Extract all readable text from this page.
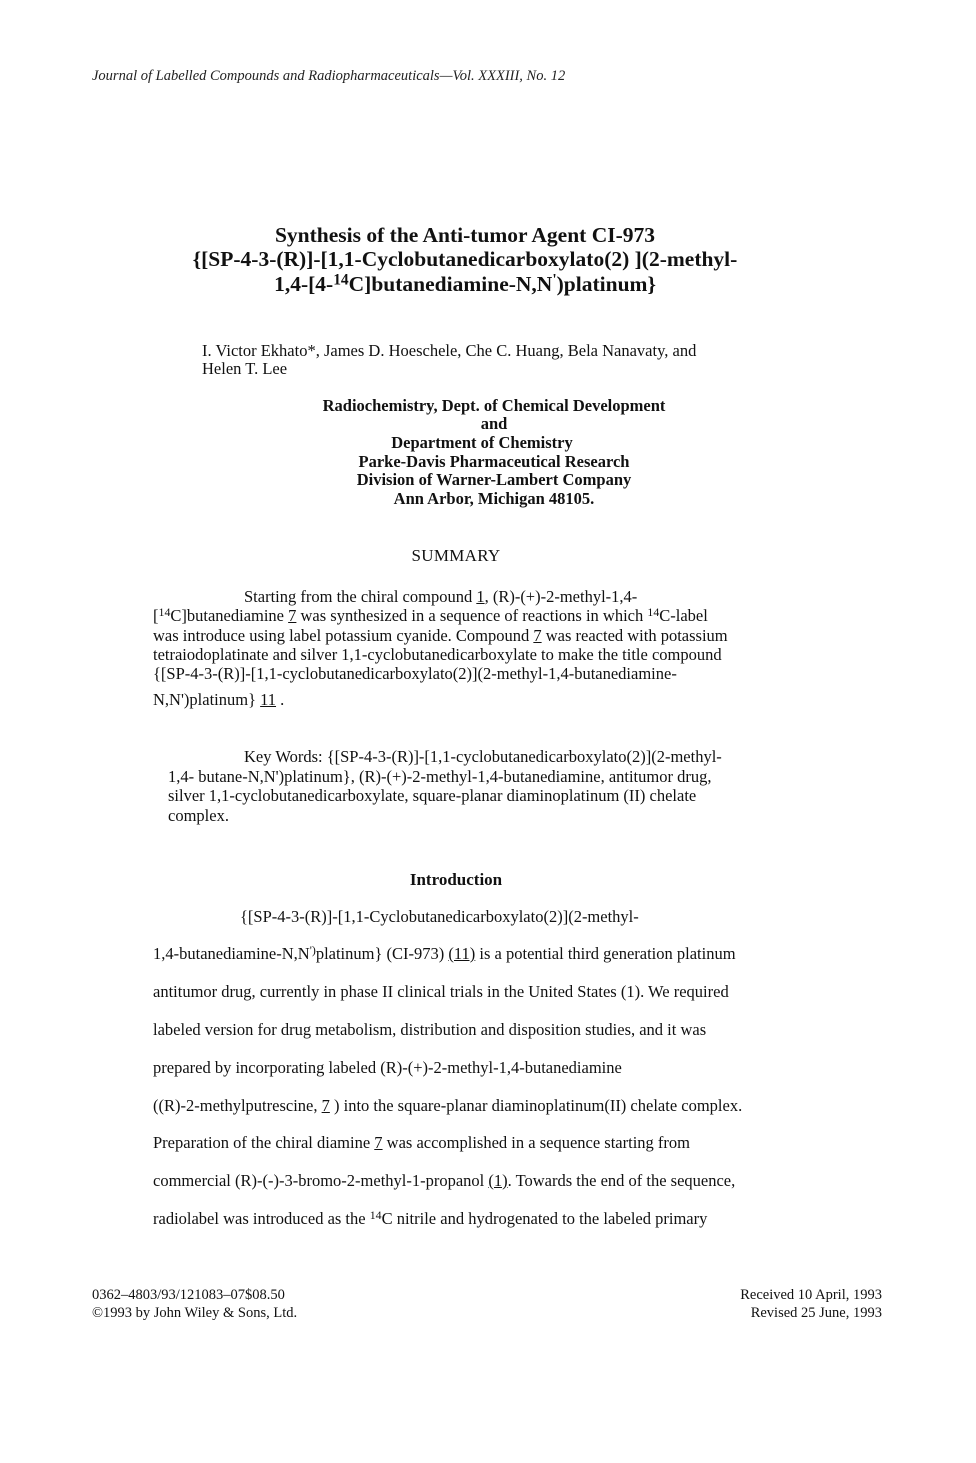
Journal of Labelled Compounds and Radiopharmaceuticals—Vol. XXXIII, No. 12
Synthesis of the Anti-tumor Agent CI-973
{[SP-4-3-(R)]-[1,1-Cyclobutanedicarboxylato(2) ](2-methyl-
1,4-[4-$^{14}$C]butanediamine-N,N')platinum}
I. Victor Ekhato*, James D. Hoeschele, Che C. Huang, Bela Nanavaty, and
Helen T. Lee
Radiochemistry, Dept. of Chemical Development
and
Department of Chemistry
Parke-Davis Pharmaceutical Research
Division of Warner-Lambert Company
Ann Arbor, Michigan 48105.
SUMMARY
Starting from the chiral compound 1, (R)-(+)-2-methyl-1,4-
[$^{14}$C]butanediamine 7 was synthesized in a sequence of reactions in which $^{14}$C-label
was introduce using label potassium cyanide. Compound 7 was reacted with potassium
tetraiodoplatinate and silver 1,1-cyclobutanedicarboxylate to make the title compound
{[SP-4-3-(R)]-[1,1-cyclobutanedicarboxylato(2)](2-methyl-1,4-butanediamine-
N,N')platinum} 11 .
Key Words: {[SP-4-3-(R)]-[1,1-cyclobutanedicarboxylato(2)](2-methyl-
1,4- butane-N,N')platinum}, (R)-(+)-2-methyl-1,4-butanediamine, antitumor drug,
silver 1,1-cyclobutanedicarboxylate, square-planar diaminoplatinum (II) chelate
complex.
Introduction
{[SP-4-3-(R)]-[1,1-Cyclobutanedicarboxylato(2)](2-methyl-
1,4-butanediamine-N,N')platinum} (CI-973) (11) is a potential third generation platinum
antitumor drug, currently in phase II clinical trials in the United States (1). We required
labeled version for drug metabolism, distribution and disposition studies, and it was
prepared by incorporating labeled (R)-(+)-2-methyl-1,4-butanediamine
((R)-2-methylputrescine, 7 ) into the square-planar diaminoplatinum(II) chelate complex.
Preparation of the chiral diamine 7 was accomplished in a sequence starting from
commercial (R)-(-)-3-bromo-2-methyl-1-propanol (1). Towards the end of the sequence,
radiolabel was introduced as the $^{14}$C nitrile and hydrogenated to the labeled primary
0362–4803/93/121083–07$08.50
©1993 by John Wiley & Sons, Ltd.
Received 10 April, 1993
Revised 25 June, 1993
